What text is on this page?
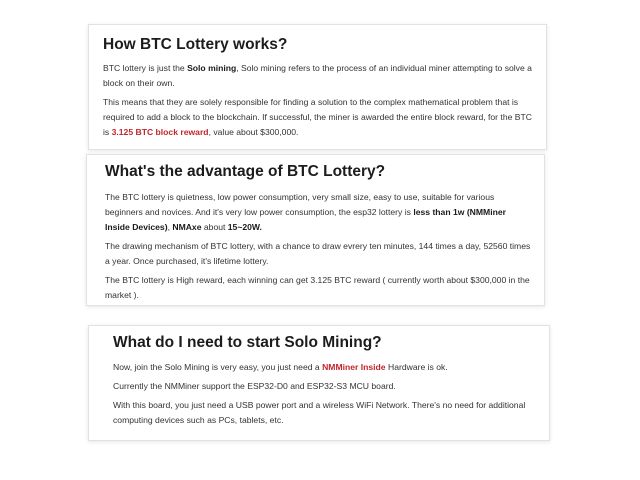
How BTC Lottery works?

BTC lottery is just the Solo mining, Solo mining refers to the process of an individual miner attempting to solve a block on their own.

This means that they are solely responsible for finding a solution to the complex mathematical problem that is required to add a block to the blockchain. If successful, the miner is awarded the entire block reward, for the BTC is 3.125 BTC block reward, value about $300,000.

What's the advantage of BTC Lottery?

The BTC lottery is quietness, low power consumption, very small size, easy to use, suitable for various beginners and novices. And it's very low power consumption, the esp32 lottery is less than 1w (NMMiner Inside Devices), NMAxe about 15~20W.

The drawing mechanism of BTC lottery, with a chance to draw evrery ten minutes, 144 times a day, 52560 times a year. Once purchased, it's lifetime lottery.

The BTC lottery is High reward, each winning can get 3.125 BTC reward ( currently worth about $300,000 in the market ).

What do I need to start Solo Mining?

Now, join the Solo Mining is very easy, you just need a NMMiner Inside Hardware is ok.

Currently the NMMiner support the ESP32-D0 and ESP32-S3 MCU board.

With this board, you just need a USB power port and a wireless WiFi Network. There's no need for additional computing devices such as PCs, tablets, etc.
